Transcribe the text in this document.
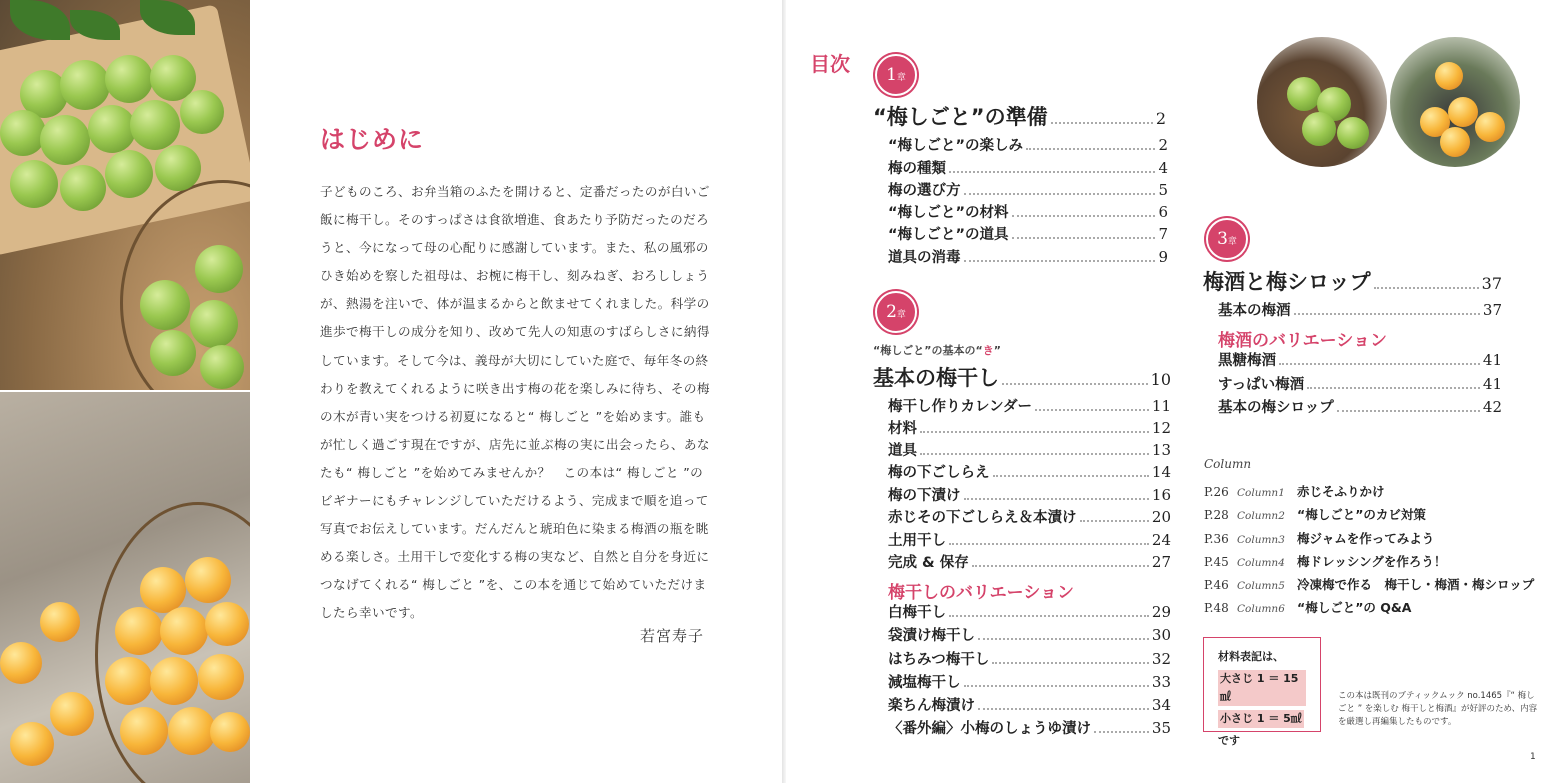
はじめに

子どものころ、お弁当箱のふたを開けると、定番だったのが白いご飯に梅干し。そのすっぱさは食欲増進、食あたり予防だったのだろうと、今になって母の心配りに感謝しています。また、私の風邪のひき始めを察した祖母は、お椀に梅干し、刻みねぎ、おろししょうが、熱湯を注いで、体が温まるからと飲ませてくれました。科学の進歩で梅干しの成分を知り、改めて先人の知恵のすばらしさに納得しています。そして今は、義母が大切にしていた庭で、毎年冬の終わりを教えてくれるように咲き出す梅の花を楽しみに待ち、その梅の木が青い実をつける初夏になると“ 梅しごと ”を始めます。誰もが忙しく過ごす現在ですが、店先に並ぶ梅の実に出会ったら、あなたも“ 梅しごと ”を始めてみませんか？　この本は“ 梅しごと ”のビギナーにもチャレンジしていただけるよう、完成まで順を追って写真でお伝えしています。だんだんと琥珀色に染まる梅酒の瓶を眺める楽しさ。土用干しで変化する梅の実など、自然と自分を身近につなげてくれる“ 梅しごと ”を、この本を通じて始めていただけましたら幸いです。

若宮寿子
目次	1章
“梅しごと”の準備	2
“梅しごと”の楽しみ	2
梅の種類	4
梅の選び方	5
“梅しごと”の材料	6
“梅しごと”の道具	7
道具の消毒	9
2章
“梅しごと”の基本の“き”
基本の梅干し	10
梅干し作りカレンダー	11
材料	12
道具	13
梅の下ごしらえ	14
梅の下漬け	16
赤じその下ごしらえ＆本漬け	20
土用干し	24
完成 & 保存	27
梅干しのバリエーション
白梅干し	29
袋漬け梅干し	30
はちみつ梅干し	32
減塩梅干し	33
楽ちん梅漬け	34
〈番外編〉小梅のしょうゆ漬け	35
3章
梅酒と梅シロップ	37
基本の梅酒	37
梅酒のバリエーション
黒糖梅酒	41
すっぱい梅酒	41
基本の梅シロップ	42
Column
P.26 Column1 赤じそふりかけ
P.28 Column2 “梅しごと”のカビ対策
P.36 Column3 梅ジャムを作ってみよう
P.45 Column4 梅ドレッシングを作ろう！
P.46 Column5 冷凍梅で作る　梅干し・梅酒・梅シロップ
P.48 Column6 “梅しごと”の Q&A
材料表記は、
大さじ 1 ＝ 15㎖
小さじ 1 ＝ 5㎖
です

この本は既刊のブティックムック no.1465『“ 梅しごと ” を楽しむ 梅干しと梅酒』が好評のため、内容を厳選し再編集したものです。

1
